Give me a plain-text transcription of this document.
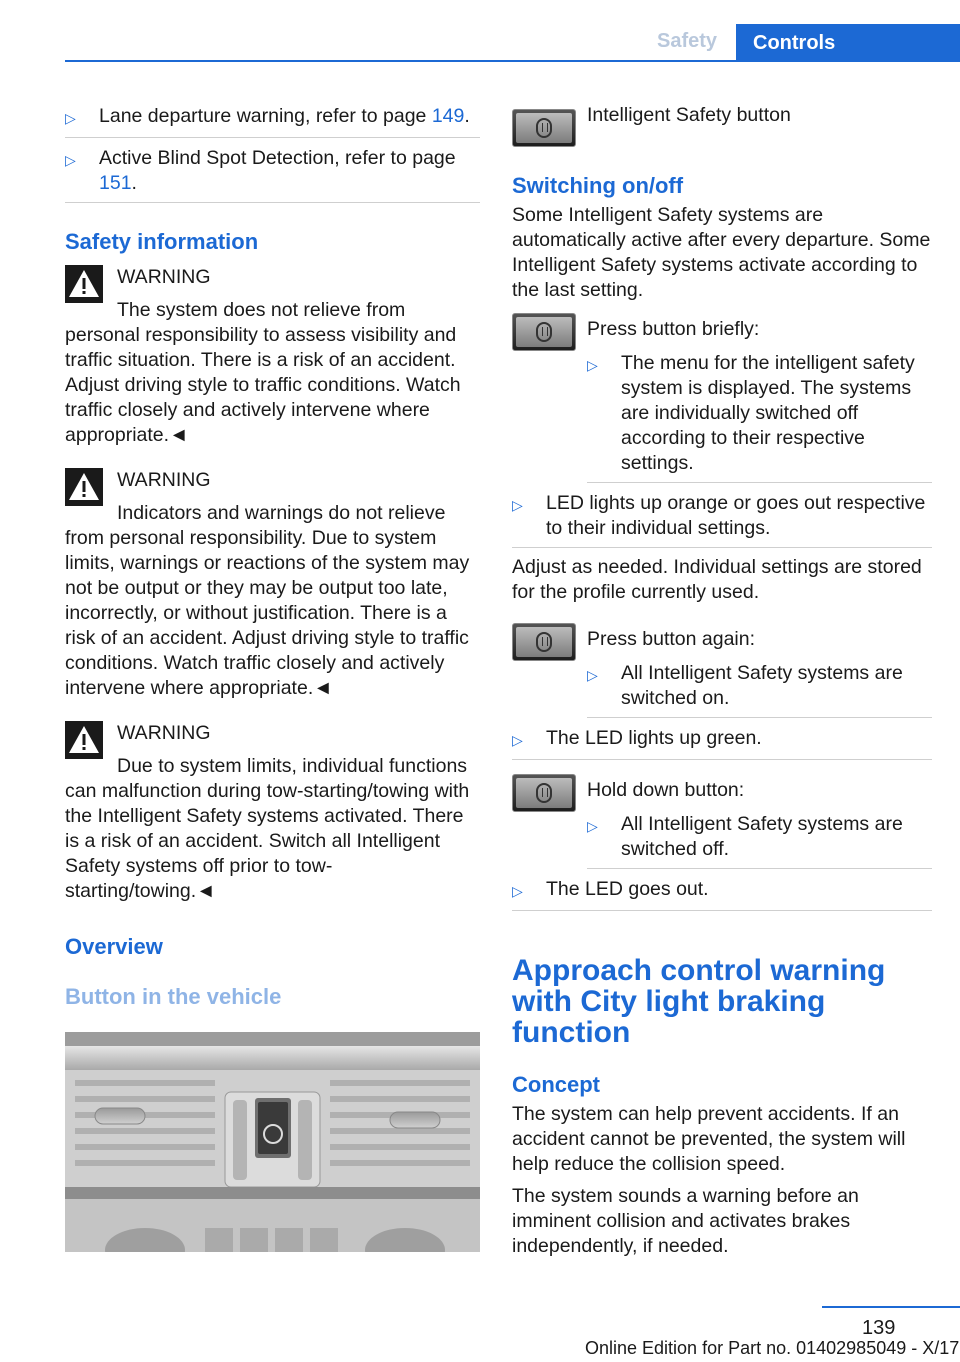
Safety	Controls
▷	Lane departure warning, refer to page 149.
▷	Active Blind Spot Detection, refer to page 151.
Safety information
WARNING
The system does not relieve from personal responsibility to assess visibility and traffic situation. There is a risk of an accident. Adjust driving style to traffic conditions. Watch traffic closely and actively intervene where appropriate.◄
WARNING
Indicators and warnings do not relieve from personal responsibility. Due to system limits, warnings or reactions of the system may not be output or they may be output too late, incorrectly, or without justification. There is a risk of an accident. Adjust driving style to traffic conditions. Watch traffic closely and actively intervene where appropriate.◄
WARNING
Due to system limits, individual functions can malfunction during tow-starting/towing with the Intelligent Safety systems activated. There is a risk of an accident. Switch all Intelligent Safety systems off prior to tow-starting/towing.◄
Overview
Button in the vehicle
Intelligent Safety button
Switching on/off
Some Intelligent Safety systems are automatically active after every departure. Some Intelligent Safety systems activate according to the last setting.
Press button briefly:
▷	The menu for the intelligent safety system is displayed. The systems are individually switched off according to their respective settings.
▷	LED lights up orange or goes out respective to their individual settings.
Adjust as needed. Individual settings are stored for the profile currently used.
Press button again:
▷	All Intelligent Safety systems are switched on.
▷	The LED lights up green.
Hold down button:
▷	All Intelligent Safety systems are switched off.
▷	The LED goes out.
Approach control warning with City light braking function
Concept
The system can help prevent accidents. If an accident cannot be prevented, the system will help reduce the collision speed.
The system sounds a warning before an imminent collision and activates brakes independently, if needed.
139
Online Edition for Part no. 01402985049 - X/17
